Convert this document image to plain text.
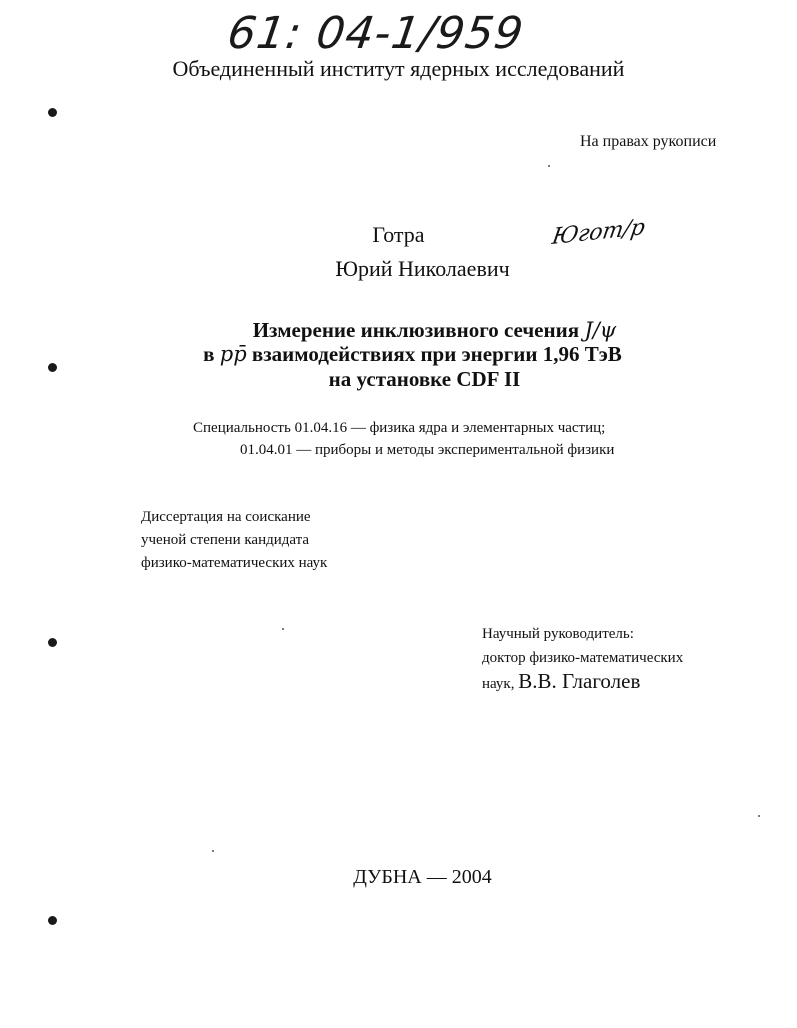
61: 04-1/959
Объединенный институт ядерных исследований
На правах рукописи
Готра	Югот/р
Юрий Николаевич
Измерение инклюзивного сечения J/ψ
в pp̄ взаимодействиях при энергии 1,96 ТэВ
на установке CDF II
Специальность 01.04.16 — физика ядра и элементарных частиц;
01.04.01 — приборы и методы экспериментальной физики
Диссертация на соискание
ученой степени кандидата
физико-математических наук
Научный руководитель:
доктор физико-математических
наук, В.В. Глаголев
ДУБНА — 2004
